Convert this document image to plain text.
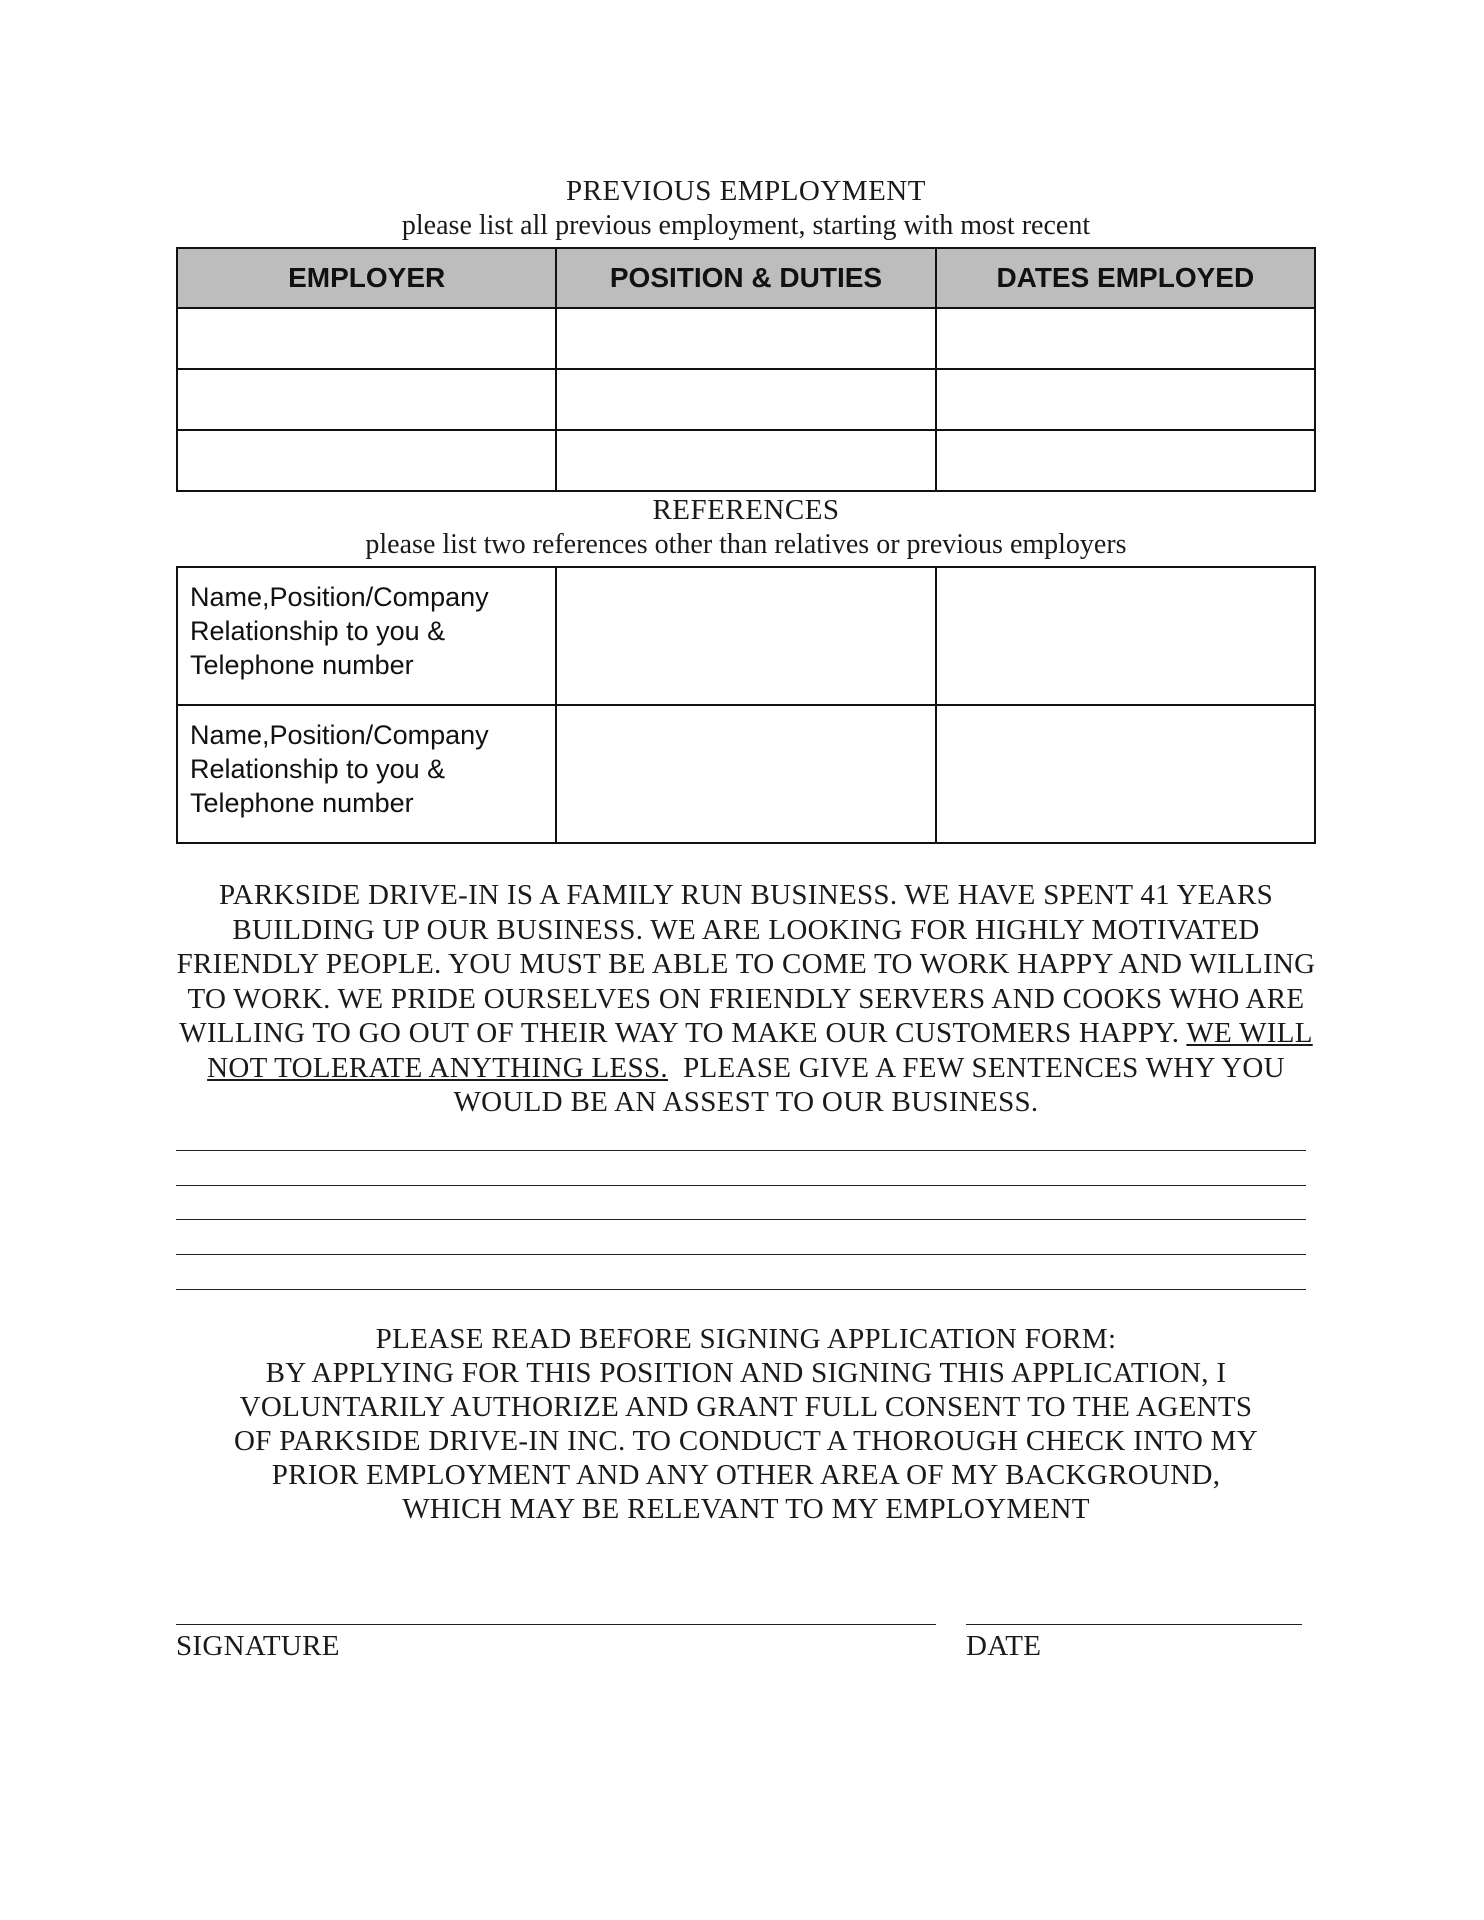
PREVIOUS EMPLOYMENT
please list all previous employment, starting with most recent
EMPLOYER	POSITION & DUTIES	DATES EMPLOYED

REFERENCES
please list two references other than relatives or previous employers
Name,Position/Company
Relationship to you &
Telephone number		

Name,Position/Company
Relationship to you &
Telephone number		

PARKSIDE DRIVE-IN IS A FAMILY RUN BUSINESS. WE HAVE SPENT 41 YEARS BUILDING UP OUR BUSINESS. WE ARE LOOKING FOR HIGHLY MOTIVATED FRIENDLY PEOPLE. YOU MUST BE ABLE TO COME TO WORK HAPPY AND WILLING TO WORK. WE PRIDE OURSELVES ON FRIENDLY SERVERS AND COOKS WHO ARE WILLING TO GO OUT OF THEIR WAY TO MAKE OUR CUSTOMERS HAPPY. WE WILL NOT TOLERATE ANYTHING LESS. PLEASE GIVE A FEW SENTENCES WHY YOU WOULD BE AN ASSEST TO OUR BUSINESS.
PLEASE READ BEFORE SIGNING APPLICATION FORM:
BY APPLYING FOR THIS POSITION AND SIGNING THIS APPLICATION, I
VOLUNTARILY AUTHORIZE AND GRANT FULL CONSENT TO THE AGENTS
OF PARKSIDE DRIVE-IN INC. TO CONDUCT A THOROUGH CHECK INTO MY
PRIOR EMPLOYMENT AND ANY OTHER AREA OF MY BACKGROUND,
WHICH MAY BE RELEVANT TO MY EMPLOYMENT
SIGNATURE	DATE
